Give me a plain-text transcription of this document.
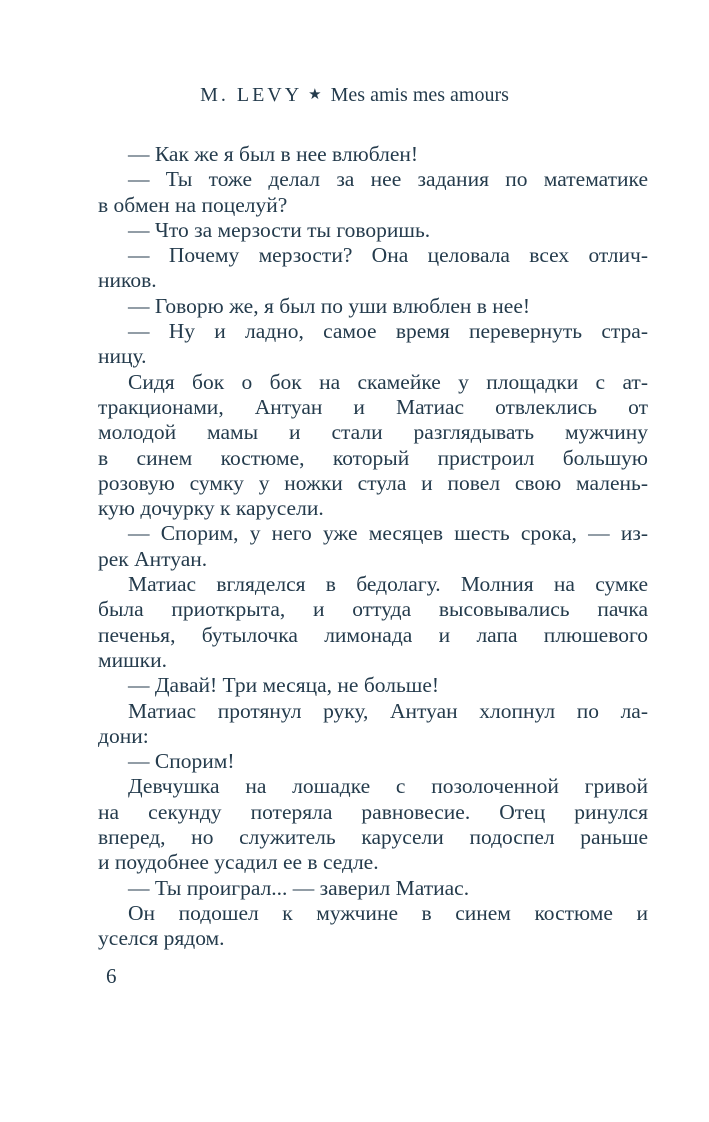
M. LEVY ★ Mes amis mes amours
— Как же я был в нее влюблен!
— Ты тоже делал за нее задания по математике
в обмен на поцелуй?
— Что за мерзости ты говоришь.
— Почему мерзости? Она целовала всех отлич-
ников.
— Говорю же, я был по уши влюблен в нее!
— Ну и ладно, самое время перевернуть стра-
ницу.
Сидя бок о бок на скамейке у площадки с ат-
тракционами, Антуан и Матиас отвлеклись от
молодой мамы и стали разглядывать мужчину
в синем костюме, который пристроил большую
розовую сумку у ножки стула и повел свою малень-
кую дочурку к карусели.
— Спорим, у него уже месяцев шесть срока, — из-
рек Антуан.
Матиас вгляделся в бедолагу. Молния на сумке
была приоткрыта, и оттуда высовывались пачка
печенья, бутылочка лимонада и лапа плюшевого
мишки.
— Давай! Три месяца, не больше!
Матиас протянул руку, Антуан хлопнул по ла-
дони:
— Спорим!
Девчушка на лошадке с позолоченной гривой
на секунду потеряла равновесие. Отец ринулся
вперед, но служитель карусели подоспел раньше
и поудобнее усадил ее в седле.
— Ты проиграл... — заверил Матиас.
Он подошел к мужчине в синем костюме и
уселся рядом.
6
